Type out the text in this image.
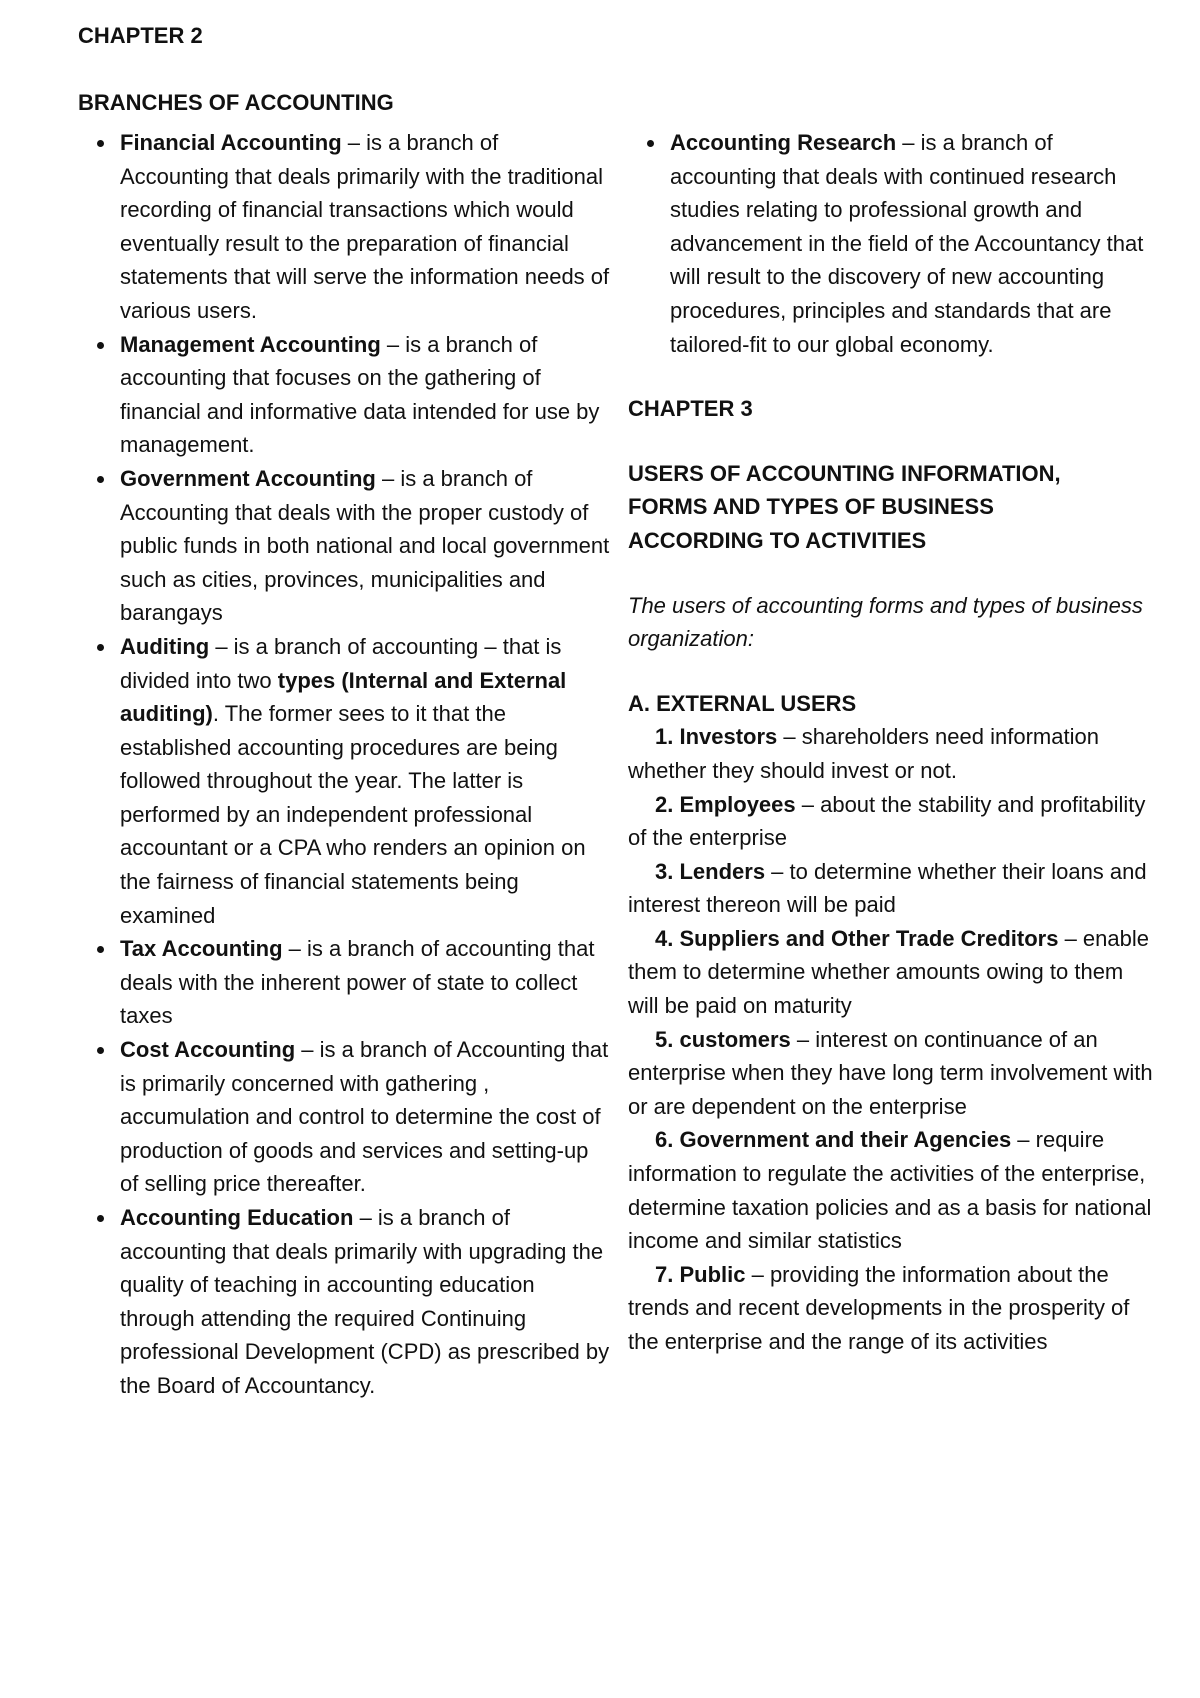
CHAPTER 2
BRANCHES OF ACCOUNTING
Financial Accounting – is a branch of Accounting that deals primarily with the traditional recording of financial transactions which would eventually result to the preparation of financial statements that will serve the information needs of various users.
Management Accounting – is a branch of accounting that focuses on the gathering of financial and informative data intended for use by management.
Government Accounting – is a branch of Accounting that deals with the proper custody of public funds in both national and local government such as cities, provinces, municipalities and barangays
Auditing – is a branch of accounting – that is divided into two types (Internal and External auditing). The former sees to it that the established accounting procedures are being followed throughout the year. The latter is performed by an independent professional accountant or a CPA who renders an opinion on the fairness of financial statements being examined
Tax Accounting – is a branch of accounting that deals with the inherent power of state to collect taxes
Cost Accounting – is a branch of Accounting that is primarily concerned with gathering , accumulation and control to determine the cost of production of goods and services and setting-up of selling price thereafter.
Accounting Education – is a branch of accounting that deals primarily with upgrading the quality of teaching in accounting education through attending the required Continuing professional Development (CPD) as prescribed by the Board of Accountancy.
Accounting Research – is a branch of accounting that deals with continued research studies relating to professional growth and advancement in the field of the Accountancy that will result to the discovery of new accounting procedures, principles and standards that are tailored-fit to our global economy.
CHAPTER 3
USERS OF ACCOUNTING INFORMATION,
FORMS AND TYPES OF BUSINESS
ACCORDING TO ACTIVITIES
The users of accounting forms and types of business organization:
A. EXTERNAL USERS

1. Investors – shareholders need information whether they should invest or not.

2. Employees – about the stability and profitability of the enterprise

3. Lenders – to determine whether their loans and interest thereon will be paid

4. Suppliers and Other Trade Creditors – enable them to determine whether amounts owing to them will be paid on maturity

5. customers – interest on continuance of an enterprise when they have long term involvement with or are dependent on the enterprise

6. Government and their Agencies – require information to regulate the activities of the enterprise, determine taxation policies and as a basis for national income and similar statistics

7. Public – providing the information about the trends and recent developments in the prosperity of the enterprise and the range of its activities
